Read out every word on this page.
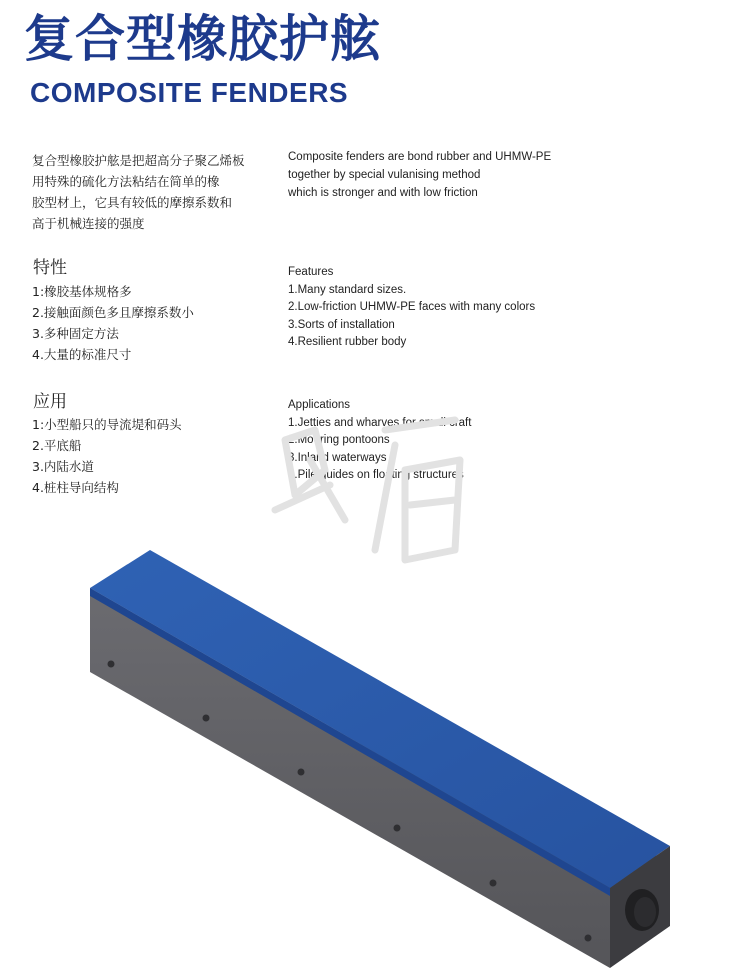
复合型橡胶护舷
COMPOSITE FENDERS
复合型橡胶护舷是把超高分子聚乙烯板
用特殊的硫化方法粘结在简单的橡
胶型材上，它具有较低的摩擦系数和
高于机械连接的强度
Composite fenders are bond rubber and UHMW-PE
together by special vulanising method
which is stronger and with low friction
特性
1:橡胶基体规格多
2.接触面颜色多且摩擦系数小
3.多种固定方法
4.大量的标准尺寸
Features
1.Many standard sizes.
2.Low-friction UHMW-PE faces with many colors
3.Sorts of installation
4.Resilient rubber body
应用
1:小型船只的导流堤和码头
2.平底船
3.内陆水道
4.桩柱导向结构
Applications
1.Jetties and wharves for small craft
2.Mooring pontoons
3.Inland waterways
4.Pile guides on floating structures
